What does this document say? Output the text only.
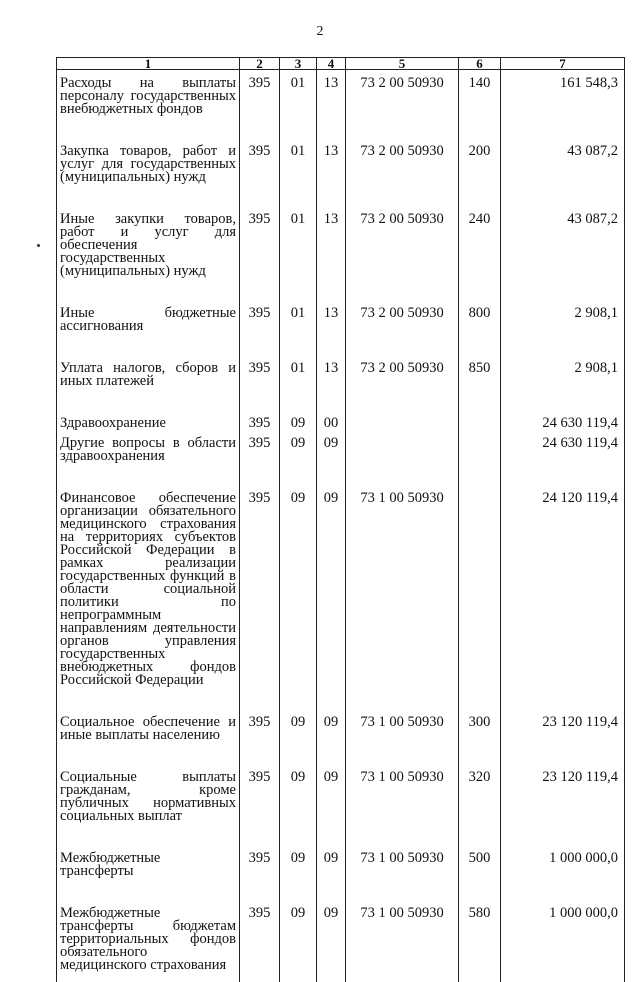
2
1	2	3	4	5	6	7
Расходы на выплаты персоналу государственных внебюджетных фондов	395	01	13	73 2 00 50930	140	161 548,3
Закупка товаров, работ и услуг для государственных (муниципальных) нужд	395	01	13	73 2 00 50930	200	43 087,2
Иные закупки товаров, работ и услуг для обеспечения государственных (муниципальных) нужд	395	01	13	73 2 00 50930	240	43 087,2
Иные бюджетные ассигнования	395	01	13	73 2 00 50930	800	2 908,1
Уплата налогов, сборов и иных платежей	395	01	13	73 2 00 50930	850	2 908,1
Здравоохранение	395	09	00			24 630 119,4
Другие вопросы в области здравоохранения	395	09	09			24 630 119,4
Финансовое обеспечение организации обязательного медицинского страхования на территориях субъектов Российской Федерации в рамках реализации государственных функций в области социальной политики по непрограммным направлениям деятельности органов управления государственных внебюджетных фондов Российской Федерации	395	09	09	73 1 00 50930		24 120 119,4
Социальное обеспечение и иные выплаты населению	395	09	09	73 1 00 50930	300	23 120 119,4
Социальные выплаты гражданам, кроме публичных нормативных социальных выплат	395	09	09	73 1 00 50930	320	23 120 119,4
Межбюджетные трансферты	395	09	09	73 1 00 50930	500	1 000 000,0
Межбюджетные трансферты бюджетам территориальных фондов обязательного медицинского страхования	395	09	09	73 1 00 50930	580	1 000 000,0
